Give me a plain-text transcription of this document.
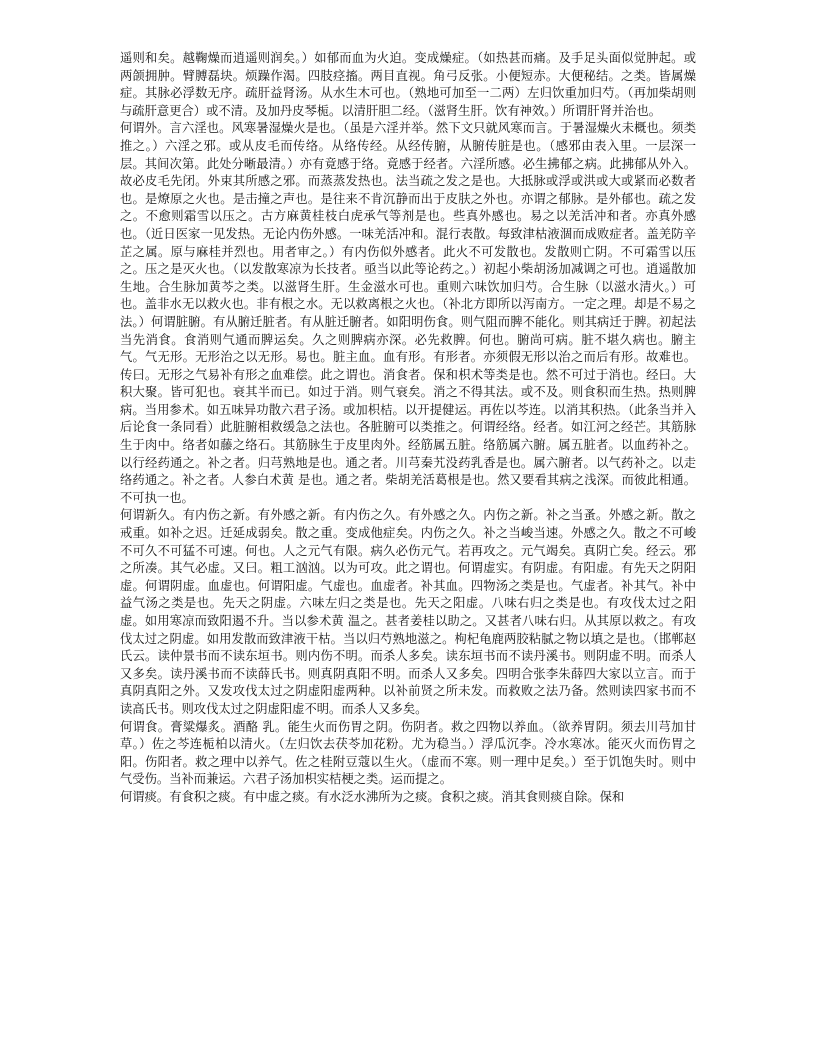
遥则和矣。越鞠燥而逍遥则润矣。）如郁而血为火迫。变成燥症。（如热甚而痛。及手足头面似觉肿起。或两颌拥肿。臂膊磊块。烦躁作渴。四肢痉搐。两目直视。角弓反张。小便短赤。大便秘结。之类。皆属燥症。其脉必浮数无序。疏肝益肾汤。从水生木可也。（熟地可加至一二两）左归饮重加归芍。（再加柴胡则与疏肝意更合）或不清。及加丹皮琴栀。以清肝胆二经。（滋肾生肝。饮有神效。）所谓肝肾并治也。

何谓外。言六淫也。风寒暑湿燥火是也。（虽是六淫并举。然下文只就风寒而言。于暑湿燥火未概也。须类推之。）六淫之邪。或从皮毛而传络。从络传经。从经传腑，从腑传脏是也。（感邪由表入里。一层深一层。其间次第。此处分晰最清。）亦有竟感于络。竟感于经者。六淫所感。必生拂郁之病。此拂郁从外入。故必皮毛先闭。外束其所感之邪。而蒸蒸发热也。法当疏之发之是也。大抵脉或浮或洪或大或紧而必数者也。是燎原之火也。是击撞之声也。是往来不肯沉静而出于皮肤之外也。亦谓之郁脉。是外郁也。疏之发之。不愈则霜雪以压之。古方麻黄桂枝白虎承气等剂是也。些真外感也。易之以羌活冲和者。亦真外感也。（近日医家一见发热。无论内伤外感。一味羌活冲和。混行表散。每致津枯液涸而成败症者。盖羌防辛芷之属。原与麻桂并烈也。用者审之。）有内伤似外感者。此火不可发散也。发散则亡阴。不可霜雪以压之。压之是灭火也。（以发散寒凉为长技者。亟当以此等论药之。）初起小柴胡汤加减调之可也。逍遥散加生地。合生脉加黄芩之类。以滋肾生肝。生金滋水可也。重则六味饮加归芍。合生脉（以滋水清火。）可也。盖非水无以救火也。非有根之水。无以救离根之火也。（补北方即所以泻南方。一定之理。却是不易之法。）何谓脏腑。有从腑迁脏者。有从脏迁腑者。如阳明伤食。则气阻而脾不能化。则其病迁于脾。初起法当先消食。食消则气通而脾运矣。久之则脾病亦深。必先救脾。何也。腑尚可病。脏不堪久病也。腑主气。气无形。无形治之以无形。易也。脏主血。血有形。有形者。亦须假无形以治之而后有形。故难也。传曰。无形之气易补有形之血难偿。此之谓也。消食者。保和枳术等类是也。然不可过于消也。经曰。大积大聚。皆可犯也。衰其半而已。如过于消。则气衰矣。消之不得其法。或不及。则食积而生热。热则脾病。当用参术。如五味异功散六君子汤。或加枳桔。以开提健运。再佐以芩连。以消其积热。（此条当并入后论食一条同看）此脏腑相救缓急之法也。各脏腑可以类推之。何谓经络。经者。如江河之经芒。其筋脉生于肉中。络者如藤之络石。其筋脉生于皮里肉外。经筋属五脏。络筋属六腑。属五脏者。以血药补之。以行经药通之。补之者。归芎熟地是也。通之者。川芎秦艽没药乳香是也。属六腑者。以气药补之。以走络药通之。补之者。人参白术黄 是也。通之者。柴胡羌活葛根是也。然又要看其病之浅深。而彼此相通。不可执一也。

何谓新久。有内伤之新。有外感之新。有内伤之久。有外感之久。内伤之新。补之当蚤。外感之新。散之戒重。如补之迟。迁延成弱矣。散之重。变成他症矣。内伤之久。补之当峻当速。外感之久。散之不可峻不可久不可猛不可速。何也。人之元气有限。病久必伤元气。若再攻之。元气竭矣。真阴亡矣。经云。邪之所凑。其气必虚。又曰。粗工汹汹。以为可攻。此之谓也。何谓虚实。有阴虚。有阳虚。有先天之阴阳虚。何谓阴虚。血虚也。何谓阳虚。气虚也。血虚者。补其血。四物汤之类是也。气虚者。补其气。补中益气汤之类是也。先天之阴虚。六味左归之类是也。先天之阳虚。八味右归之类是也。有攻伐太过之阳虚。如用寒凉而致阳遏不升。当以参术黄 温之。甚者姜桂以助之。又甚者八味右归。从其原以救之。有攻伐太过之阴虚。如用发散而致津液干枯。当以归芍熟地滋之。枸杞龟鹿两胶粘腻之物以填之是也。（邯郸赵氏云。读仲景书而不读东垣书。则内伤不明。而杀人多矣。读东垣书而不读丹溪书。则阴虚不明。而杀人又多矣。读丹溪书而不读薛氏书。则真阴真阳不明。而杀人又多矣。四明合张李朱薛四大家以立言。而于真阴真阳之外。又发攻伐太过之阴虚阳虚两种。以补前贤之所未发。而救败之法乃备。然则读四家书而不读高氏书。则攻伐太过之阴虚阳虚不明。而杀人又多矣。

何谓食。膏粱爆炙。酒酪 乳。能生火而伤胃之阴。伤阴者。救之四物以养血。（欲养胃阴。须去川芎加甘草。）佐之芩连栀柏以清火。（左归饮去茯苓加花粉。尤为稳当。）浮瓜沉李。冷水寒冰。能灭火而伤胃之阳。伤阳者。救之理中以养气。佐之桂附豆蔻以生火。（虚而不寒。则一理中足矣。）至于饥饱失时。则中气受伤。当补而兼运。六君子汤加枳实桔梗之类。运而提之。

何谓痰。有食积之痰。有中虚之痰。有水泛水沸所为之痰。食积之痰。消其食则痰自除。保和
